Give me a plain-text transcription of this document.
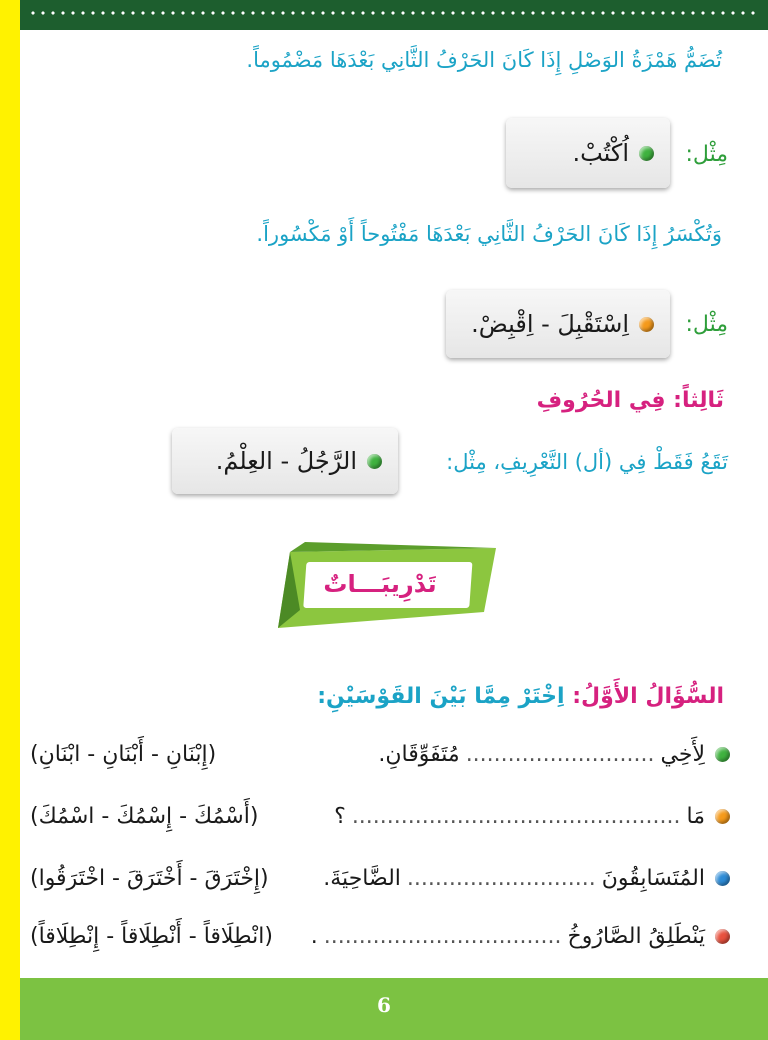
تُضَمُّ هَمْزَةُ الوَصْلِ إِذَا كَانَ الحَرْفُ الثَّانِي بَعْدَهَا مَضْمُوماً.
مِثْل:
اُكْتُبْ.
وَتُكْسَرُ إِذَا كَانَ الحَرْفُ الثَّانِي بَعْدَهَا مَفْتُوحاً أَوْ مَكْسُوراً.
مِثْل:
اِسْتَقْبِلَ - اِقْبِضْ.
ثَالِثاً: فِي الحُرُوفِ
تَقَعُ فَقَطْ فِي (أل) التَّعْرِيفِ، مِثْل:
الرَّجُلُ - العِلْمُ.
تَدْرِيبَـــاتٌ
السُّؤَالُ الأَوَّلُ: اِخْتَرْ مِمَّا بَيْنَ القَوْسَيْنِ:
لِأَخِي
...........................
مُتَفَوِّقَانِ.
(إِبْنَانِ - أَبْنَانِ - ابْنَانِ)
مَا
...............................................
؟
(أَسْمُكَ - إِسْمُكَ - اسْمُكَ)
المُتَسَابِقُونَ
...........................
الضَّاحِيَةَ.
(إِخْتَرَقَ - أَخْتَرَقَ - اخْتَرَقُوا)
يَنْطَلِقُ الصَّارُوخُ
..................................
.
(انْطِلَاقاً - أَنْطِلَاقاً - إِنْطِلَاقاً)
6
